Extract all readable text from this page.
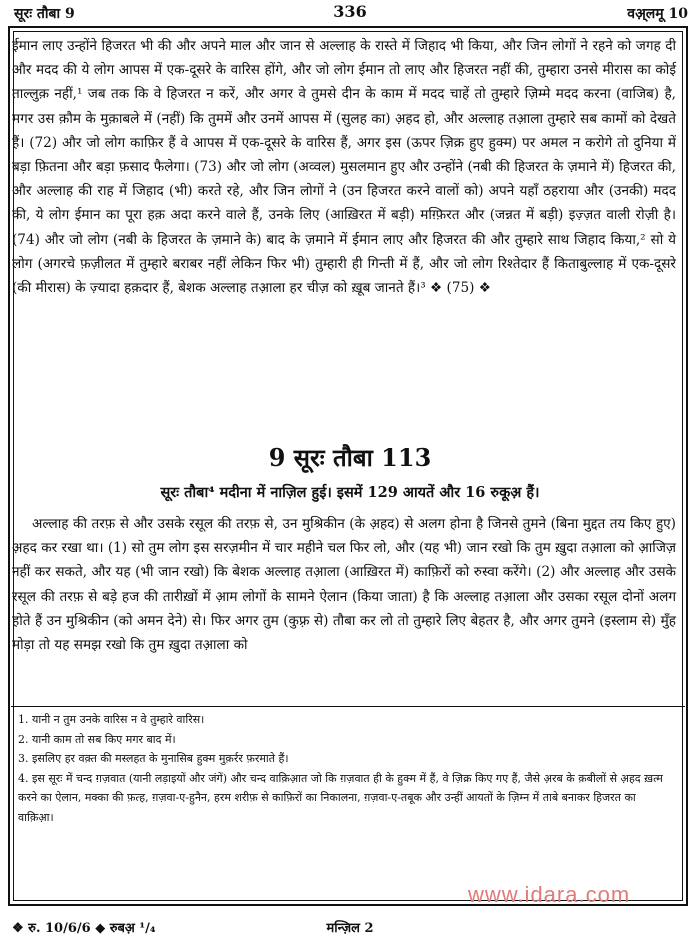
सूरः तौबा 9	336	वअ़्लमू 10
ईमान लाए उन्होंने हिजरत भी की और अपने माल और जान से अल्लाह के रास्ते में जिहाद भी किया, और जिन लोगों ने रहने को जगह दी और मदद की ये लोग आपस में एक-दूसरे के वारिस होंगे, और जो लोग ईमान तो लाए और हिजरत नहीं की, तुम्हारा उनसे मीरास का कोई ताल्लुक़ नहीं,¹ जब तक कि वे हिजरत न करें, और अगर वे तुमसे दीन के काम में मदद चाहें तो तुम्हारे ज़िम्मे मदद करना (वाजिब) है, मगर उस क़ौम के मुक़ाबले में (नहीं) कि तुममें और उनमें आपस में (सुलह का) अ़हद हो, और अल्लाह तआ़ला तुम्हारे सब कामों को देखते हैं। (72) और जो लोग काफ़िर हैं वे आपस में एक-दूसरे के वारिस हैं, अगर इस (ऊपर ज़िक्र हुए हुक्म) पर अमल न करोगे तो दुनिया में बड़ा फ़ितना और बड़ा फ़साद फैलेगा। (73) और जो लोग (अव्वल) मुसलमान हुए और उन्होंने (नबी की हिजरत के ज़माने में) हिजरत की, और अल्लाह की राह में जिहाद (भी) करते रहे, और जिन लोगों ने (उन हिजरत करने वालों को) अपने यहाँ ठहराया और (उनकी) मदद की, ये लोग ईमान का पूरा हक़ अदा करने वाले हैं, उनके लिए (आख़िरत में बड़ी) मग़्फ़िरत और (जन्नत में बड़ी) इज़्ज़त वाली रोज़ी है। (74) और जो लोग (नबी के हिजरत के ज़माने के) बाद के ज़माने में ईमान लाए और हिजरत की और तुम्हारे साथ जिहाद किया,² सो ये लोग (अगरचे फ़ज़ीलत में तुम्हारे बराबर नहीं लेकिन फिर भी) तुम्हारी ही गिन्ती में हैं, और जो लोग रिश्तेदार हैं किताबुल्लाह में एक-दूसरे (की मीरास) के ज़्यादा हक़दार हैं, बेशक अल्लाह तआ़ला हर चीज़ को ख़ूब जानते हैं।³ ❖ (75) ❖
9 सूरः तौबा 113
सूरः तौबा⁴ मदीना में नाज़िल हुई। इसमें 129 आयतें और 16 रुकूअ़ हैं।
अल्लाह की तरफ़ से और उसके रसूल की तरफ़ से, उन मुश्रिकीन (के अ़हद) से अलग होना है जिनसे तुमने (बिना मुद्दत तय किए हुए) अ़हद कर रखा था। (1) सो तुम लोग इस सरज़मीन में चार महीने चल फिर लो, और (यह भी) जान रखो कि तुम ख़ुदा तआ़ला को आ़जिज़ नहीं कर सकते, और यह (भी जान रखो) कि बेशक अल्लाह तआ़ला (आख़िरत में) काफ़िरों को रुस्वा करेंगे। (2) और अल्लाह और उसके रसूल की तरफ़ से बड़े हज की तारीख़ों में आ़म लोगों के सामने ऐलान (किया जाता) है कि अल्लाह तआ़ला और उसका रसूल दोनों अलग होते हैं उन मुश्रिकीन (को अमन देने) से। फिर अगर तुम (कुफ़्र से) तौबा कर लो तो तुम्हारे लिए बेहतर है, और अगर तुमने (इस्लाम से) मुँह मोड़ा तो यह समझ रखो कि तुम ख़ुदा तआ़ला को

1. यानी न तुम उनके वारिस न वे तुम्हारे वारिस।

2. यानी काम तो सब किए मगर बाद में।

3. इसलिए हर वक़्त की मस्लहत के मुनासिब हुक्म मुक़र्रर फ़रमाते हैं।

4. इस सूरः में चन्द ग़ज़वात (यानी लड़ाइयों और जंगें) और चन्द वाक़िआ़त जो कि ग़ज़वात ही के हुक्म में हैं, वे ज़िक्र किए गए हैं, जैसे अ़रब के क़बीलों से अ़हद ख़त्म करने का ऐलान, मक्का की फ़त्ह, ग़ज़वा-ए-हुनैन, हरम शरीफ़ से काफ़िरों का निकालना, ग़ज़वा-ए-तबूक और उन्हीं आयतों के ज़िम्न में ताबे बनाकर हिजरत का वाक़िआ़।

www.idara.com
❖ रु. 10/6/6 ◆ रुबअ़ ¹/₄	मन्ज़िल 2
